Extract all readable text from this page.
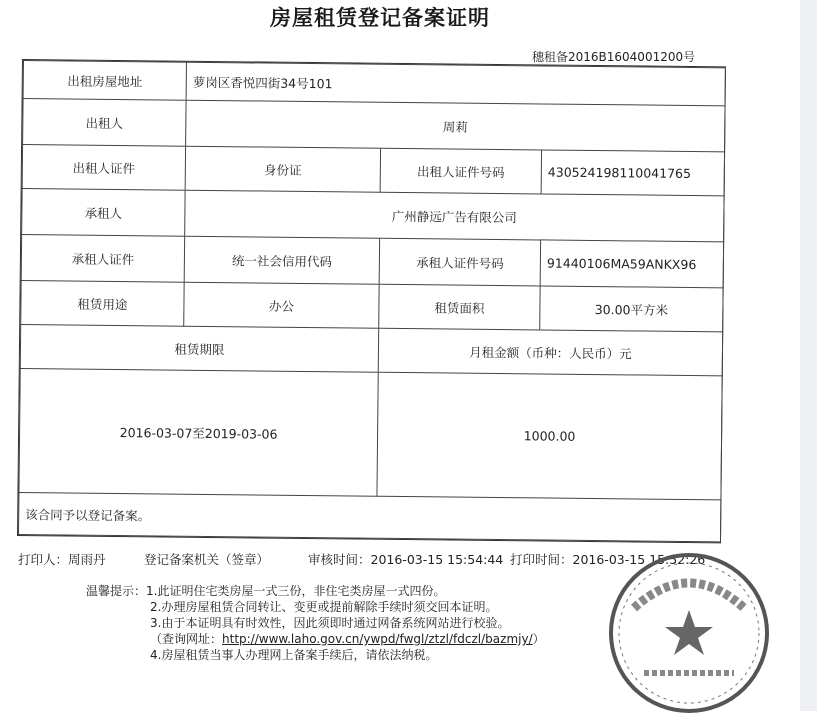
房屋租赁登记备案证明
穗租备2016B1604001200号
出租房屋地址	萝岗区香悦四街34号101		
出租人	周莉		
出租人证件	身份证	出租人证件号码	430524198110041765
承租人	广州静远广告有限公司		
承租人证件	统一社会信用代码	承租人证件号码	91440106MA59ANKX96
租赁用途	办公	租赁面积	30.00平方米
租赁期限		月租金额（币种：人民币）元	
2016-03-07至2019-03-06		1000.00	
该合同予以登记备案。			
打印人：周雨丹	登记备案机关（签章）	审核时间：2016-03-15 15:54:44 打印时间：2016-03-15 15:52:26
温馨提示：1.此证明住宅类房屋一式三份，非住宅类房屋一式四份。
2.办理房屋租赁合同转让、变更或提前解除手续时须交回本证明。
3.由于本证明具有时效性，因此须即时通过网备系统网站进行校验。
（查询网址：http://www.laho.gov.cn/ywpd/fwgl/ztzl/fdczl/bazmjy/）
4.房屋租赁当事人办理网上备案手续后，请依法纳税。
